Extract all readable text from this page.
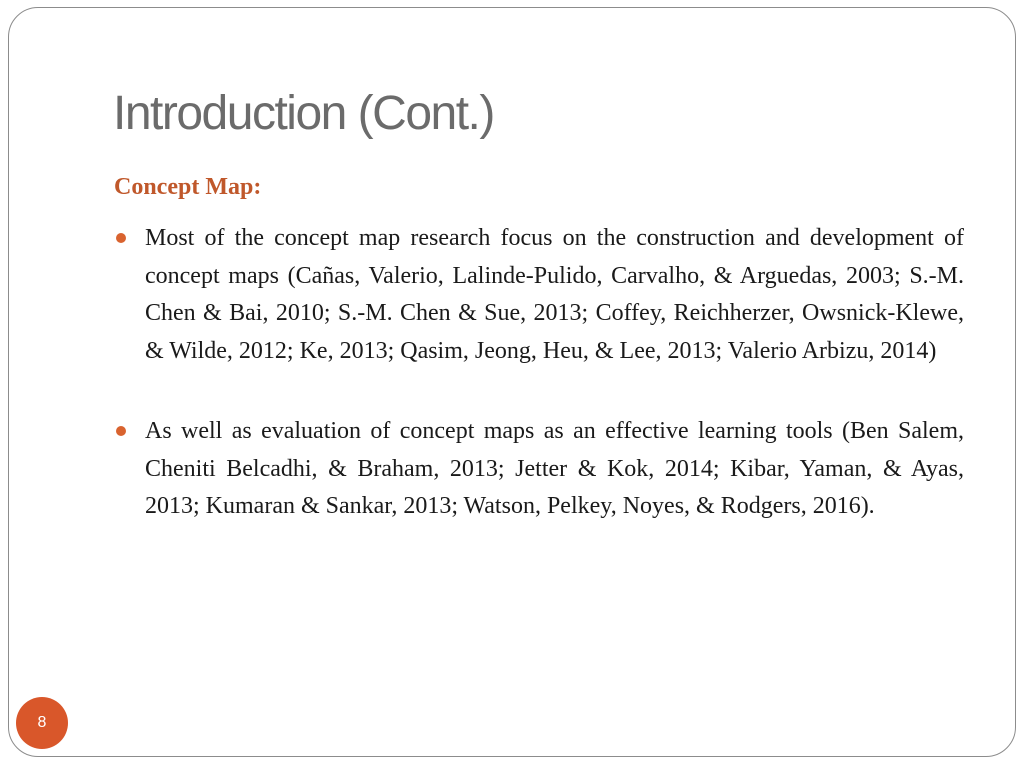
Introduction (Cont.)
Concept Map:
Most of the concept map research focus on the construction and development of concept maps (Cañas, Valerio, Lalinde-Pulido, Carvalho, & Arguedas, 2003; S.-M. Chen & Bai, 2010; S.-M. Chen & Sue, 2013; Coffey, Reichherzer, Owsnick-Klewe, & Wilde, 2012; Ke, 2013; Qasim, Jeong, Heu, & Lee, 2013; Valerio Arbizu, 2014)
As well as evaluation of concept maps as an effective learning tools (Ben Salem, Cheniti Belcadhi, & Braham, 2013; Jetter & Kok, 2014; Kibar, Yaman, & Ayas, 2013; Kumaran & Sankar, 2013; Watson, Pelkey, Noyes, & Rodgers, 2016).
8
